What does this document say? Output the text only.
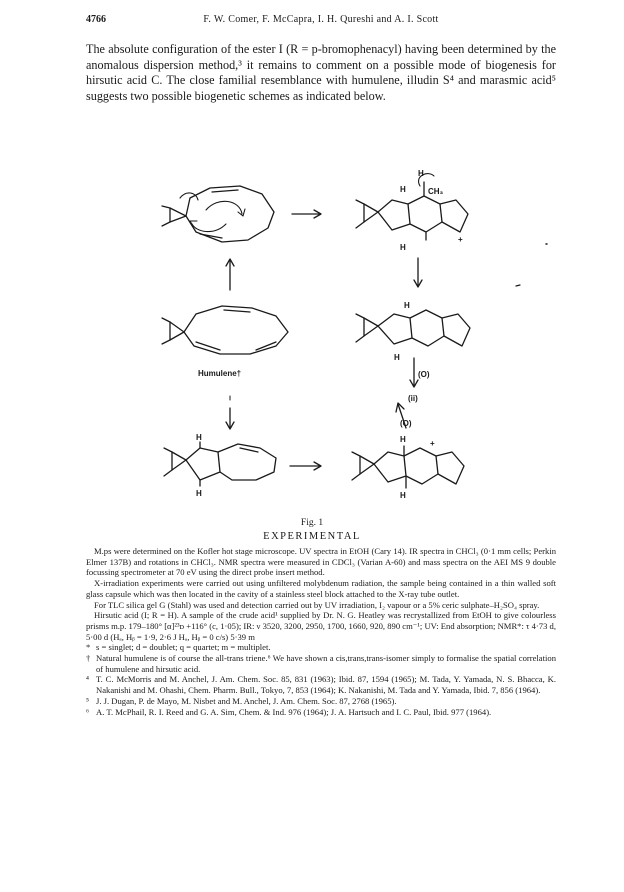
4766	F. W. Comer, F. McCapra, I. H. Qureshi and A. I. Scott
The absolute configuration of the ester I (R = p-bromophenacyl) having been determined by the anomalous dispersion method,³ it remains to comment on a possible mode of biogenesis for hirsutic acid C. The close familial resemblance with humulene, illudin S⁴ and marasmic acid⁵ suggests two possible biogenetic schemes as indicated below.
H
H	CH₃
H
+
H
H
Humulene†	(O)
(ii)
(O)
H
H
H	+
H
Fig. 1
EXPERIMENTAL

M.ps were determined on the Kofler hot stage microscope. UV spectra in EtOH (Cary 14). IR spectra in CHCl₃ (0·1 mm cells; Perkin Elmer 137B) and rotations in CHCl₃. NMR spectra were measured in CDCl₃ (Varian A-60) and mass spectra on the AEI MS 9 double focussing spectrometer at 70 eV using the direct probe insert method.

X-irradiation experiments were carried out using unfiltered molybdenum radiation, the sample being contained in a thin walled soft glass capsule which was then located in the cavity of a stainless steel block attached to the X-ray tube outlet.

For TLC silica gel G (Stahl) was used and detection carried out by UV irradiation, I₂ vapour or a 5% ceric sulphate–H₂SO₄ spray.

Hirsutic acid (I; R = H). A sample of the crude acid¹ supplied by Dr. N. G. Heatley was recrystallized from EtOH to give colourless prisms m.p. 179–180° [α]²³ᴅ +116° (c, 1·05); IR: ν 3520, 3200, 2950, 1700, 1660, 920, 890 cm⁻¹; UV: End absorption; NMR*: τ 4·73 d, 5·00 d (Hₐ, Hᵦ = 1·9, 2·6 J Hₐ, Hᵦ = 0 c/s) 5·39 m

* s = singlet; d = doublet; q = quartet; m = multiplet.
† Natural humulene is of course the all-trans triene.⁶ We have shown a cis,trans,trans-isomer simply to formalise the spatial correlation of humulene and hirsutic acid.
⁴ T. C. McMorris and M. Anchel, J. Am. Chem. Soc. 85, 831 (1963); Ibid. 87, 1594 (1965); M. Tada, Y. Yamada, N. S. Bhacca, K. Nakanishi and M. Ohashi, Chem. Pharm. Bull., Tokyo, 7, 853 (1964); K. Nakanishi, M. Tada and Y. Yamada, Ibid. 7, 856 (1964).
⁵ J. J. Dugan, P. de Mayo, M. Nisbet and M. Anchel, J. Am. Chem. Soc. 87, 2768 (1965).
⁶ A. T. McPhail, R. I. Reed and G. A. Sim, Chem. & Ind. 976 (1964); J. A. Hartsuch and I. C. Paul, Ibid. 977 (1964).
